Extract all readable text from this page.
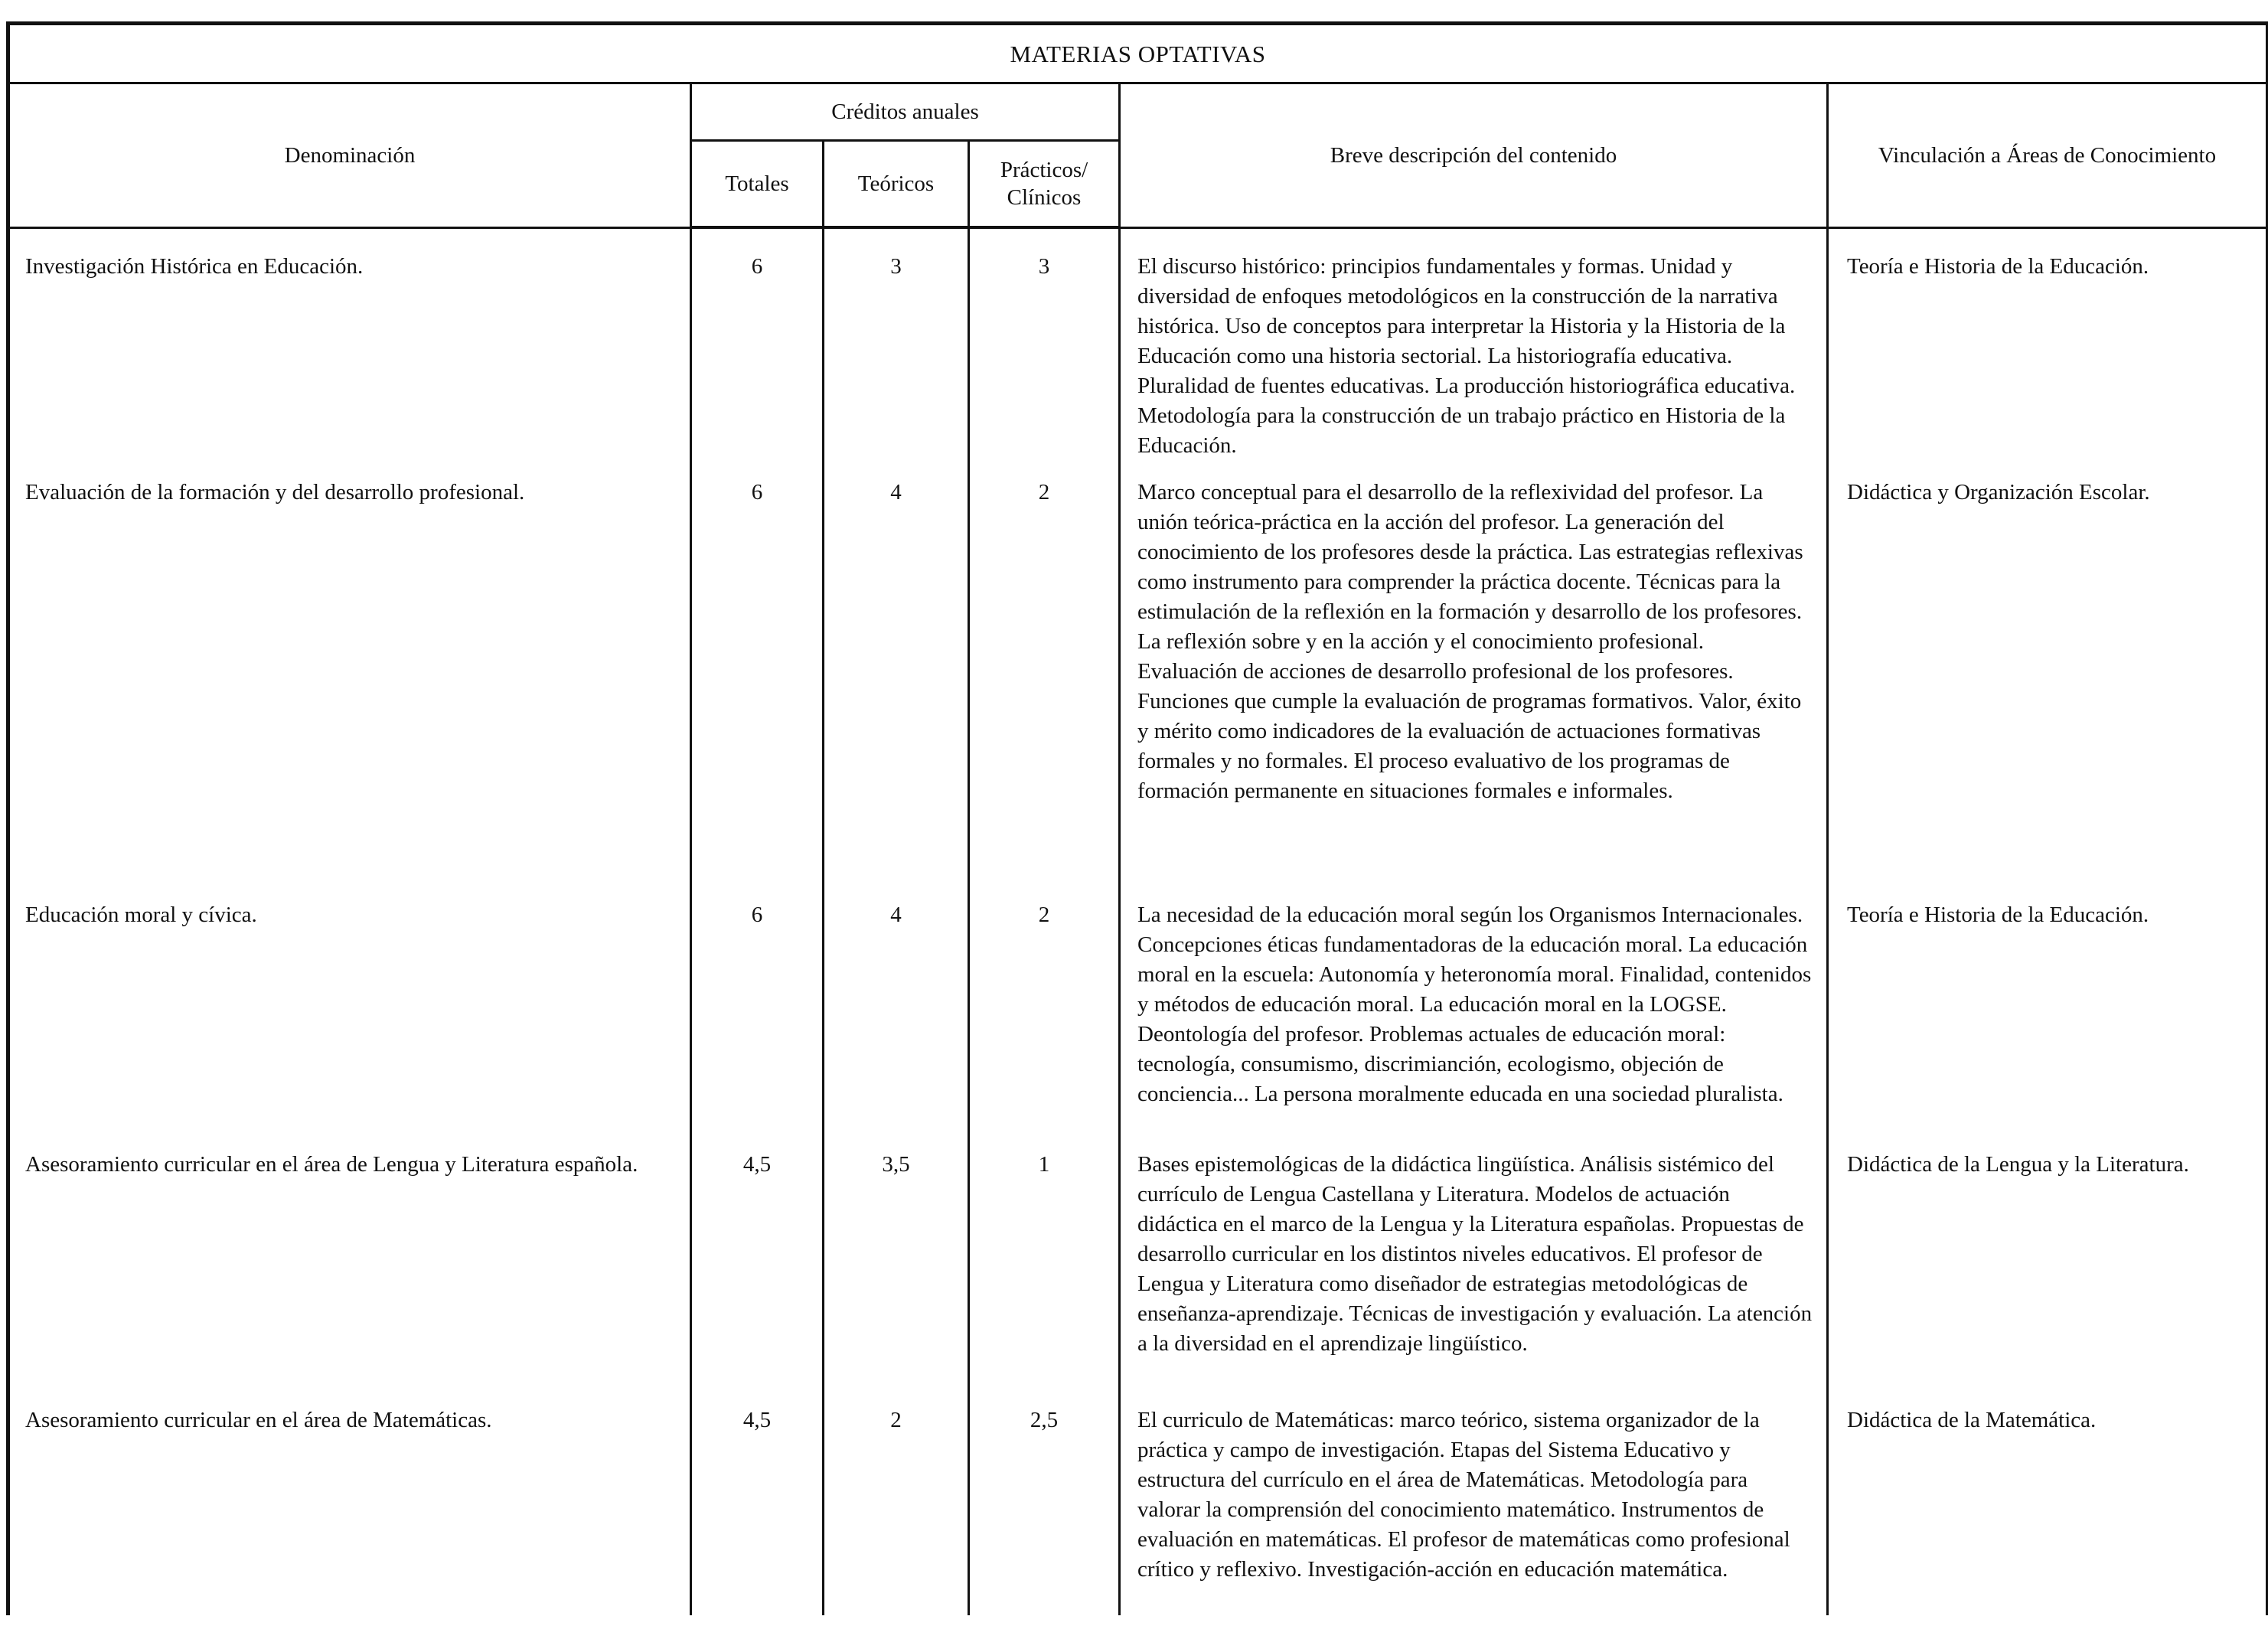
MATERIAS OPTATIVAS					
Denominación	Créditos anuales			Breve descripción del contenido	Vinculación a Áreas de Conocimiento
	Totales	Teóricos	Prácticos/
Clínicos		

Investigación Histórica en Educación.	6	3	3	El discurso histórico: principios fundamentales y formas. Unidad y diversidad de enfoques metodológicos en la construcción de la narrativa histórica. Uso de conceptos para interpretar la Historia y la Historia de la Educación como una historia sectorial. La historiografía educativa. Pluralidad de fuentes educativas. La producción historiográfica educativa. Metodología para la construcción de un trabajo práctico en Historia de la Educación.	Teoría e Historia de la Educación.

Evaluación de la formación y del desarrollo profesional.	6	4	2	Marco conceptual para el desarrollo de la reflexividad del profesor. La unión teórica-práctica en la acción del profesor. La generación del conocimiento de los profesores desde la práctica. Las estrategias reflexivas como instrumento para comprender la práctica docente. Técnicas para la estimulación de la reflexión en la formación y desarrollo de los profesores. La reflexión sobre y en la acción y el conocimiento profesional.
Evaluación de acciones de desarrollo profesional de los profesores. Funciones que cumple la evaluación de programas formativos. Valor, éxito y mérito como indicadores de la evaluación de actuaciones formativas formales y no formales. El proceso evaluativo de los programas de formación permanente en situaciones formales e informales.	Didáctica y Organización Escolar.

Educación moral y cívica.	6	4	2	La necesidad de la educación moral según los Organismos Internacionales. Concepciones éticas fundamentadoras de la educación moral. La educación moral en la escuela: Autonomía y heteronomía moral. Finalidad, contenidos y métodos de educación moral. La educación moral en la LOGSE. Deontología del profesor. Problemas actuales de educación moral: tecnología, consumismo, discrimianción, ecologismo, objeción de conciencia... La persona moralmente educada en una sociedad pluralista.	Teoría e Historia de la Educación.

Asesoramiento curricular en el área de Lengua y Literatura española.	4,5	3,5	1	Bases epistemológicas de la didáctica lingüística. Análisis sistémico del currículo de Lengua Castellana y Literatura. Modelos de actuación didáctica en el marco de la Lengua y la Literatura españolas. Propuestas de desarrollo curricular en los distintos niveles educativos. El profesor de Lengua y Literatura como diseñador de estrategias metodológicas de enseñanza-aprendizaje. Técnicas de investigación y evaluación. La atención a la diversidad en el aprendizaje lingüístico.	Didáctica de la Lengua y la Literatura.

Asesoramiento curricular en el área de Matemáticas.	4,5	2	2,5	El curriculo de Matemáticas: marco teórico, sistema organizador de la práctica y campo de investigación. Etapas del Sistema Educativo y estructura del currículo en el área de Matemáticas. Metodología para valorar la comprensión del conocimiento matemático. Instrumentos de evaluación en matemáticas. El profesor de matemáticas como profesional crítico y reflexivo. Investigación-acción en educación matemática.	Didáctica de la Matemática.
